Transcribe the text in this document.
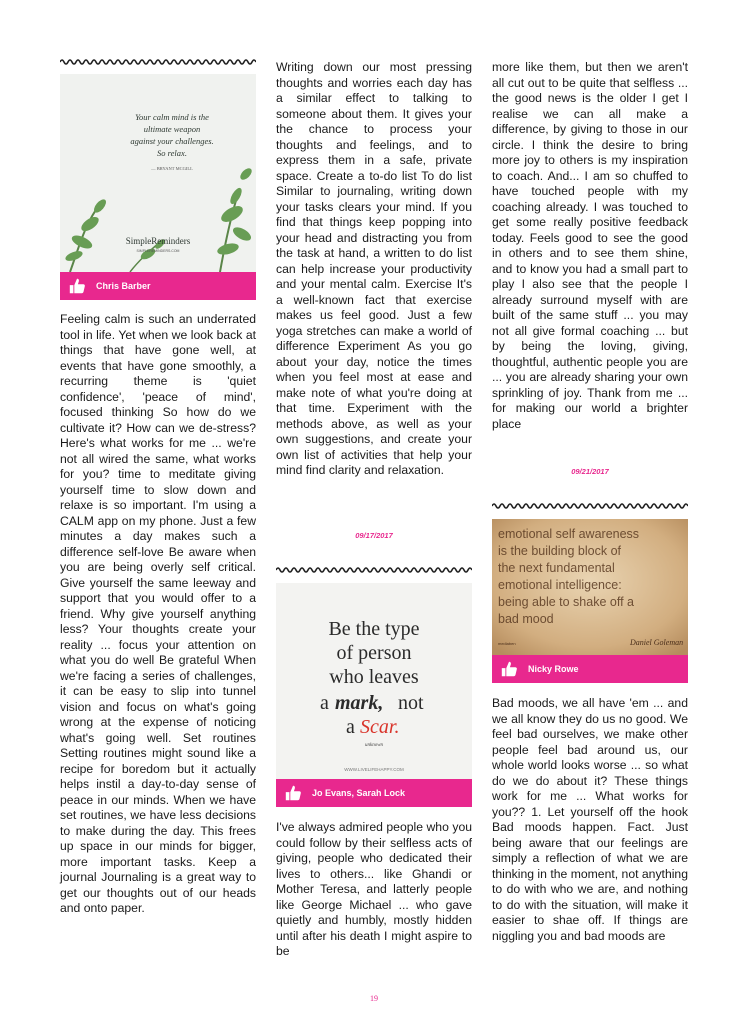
Your calm mind is the
ultimate weapon
against your challenges.
So relax.
— BRYANT MCGILL
SimpleReminders
SIMPLEREMINDERS.COM
Chris Barber

Feeling calm is such an underrated tool in life. Yet when we look back at things that have gone well, at events that have gone smoothly, a recurring theme is 'quiet confidence', 'peace of mind', focused thinking So how do we cultivate it? How can we de-stress? Here's what works for me ... we're not all wired the same, what works for you? time to meditate giving yourself time to slow down and relaxe is so important. I'm using a CALM app on my phone. Just a few minutes a day makes such a difference self-love Be aware when you are being overly self critical. Give yourself the same leeway and support that you would offer to a friend. Why give yourself anything less? Your thoughts create your reality ... focus your attention on what you do well Be grateful When we're facing a series of challenges, it can be easy to slip into tunnel vision and focus on what's going wrong at the expense of noticing what's going well. Set routines Setting routines might sound like a recipe for boredom but it actually helps instil a day-to-day sense of peace in our minds. When we have set routines, we have less decisions to make during the day. This frees up space in our minds for bigger, more important tasks. Keep a journal Journaling is a great way to get our thoughts out of our heads and onto paper.

Writing down our most pressing thoughts and worries each day has a similar effect to talking to someone about them. It gives your the chance to process your thoughts and feelings, and to express them in a safe, private space. Create a to-do list To do list Similar to journaling, writing down your tasks clears your mind. If you find that things keep popping into your head and distracting you from the task at hand, a written to do list can help increase your productivity and your mental calm. Exercise It's a well-known fact that exercise makes us feel good. Just a few yoga stretches can make a world of difference Experiment As you go about your day, notice the times when you feel most at ease and make note of what you're doing at that time. Experiment with the methods above, as well as your own suggestions, and create your own list of activities that help your mind find clarity and relaxation.

09/17/2017
Be the type
of person
who leaves
a mark, not
a Scar.
unknown
WWW.LIVELIFEHAPPY.COM
Jo Evans, Sarah Lock

I've always admired people who you could follow by their selfless acts of giving, people who dedicated their lives to others... like Ghandi or Mother Teresa, and latterly people like George Michael ... who gave quietly and humbly, mostly hidden until after his death I might aspire to be

more like them, but then we aren't all cut out to be quite that selfless ... the good news is the older I get I realise we can all make a difference, by giving to those in our circle. I think the desire to bring more joy to others is my inspiration to coach. And... I am so chuffed to have touched people with my coaching already. I was touched to get some really positive feedback today. Feels good to see the good in others and to see them shine, and to know you had a small part to play I also see that the people I already surround myself with are built of the same stuff ... you may not all give formal coaching ... but by being the loving, giving, thoughtful, authentic people you are ... you are already sharing your own sprinkling of joy. Thank from me ... for making our world a brighter place

09/21/2017
emotional self awareness
is the building block of
the next fundamental
emotional intelligence:
being able to shake off a
bad mood
Daniel Goleman
mediaben
Nicky Rowe

Bad moods, we all have 'em ... and we all know they do us no good. We feel bad ourselves, we make other people feel bad around us, our whole world looks worse ... so what do we do about it? These things work for me ... What works for you?? 1. Let yourself off the hook Bad moods happen. Fact. Just being aware that our feelings are simply a reflection of what we are thinking in the moment, not anything to do with who we are, and nothing to do with the situation, will make it easier to shae off. If things are niggling you and bad moods are

19
